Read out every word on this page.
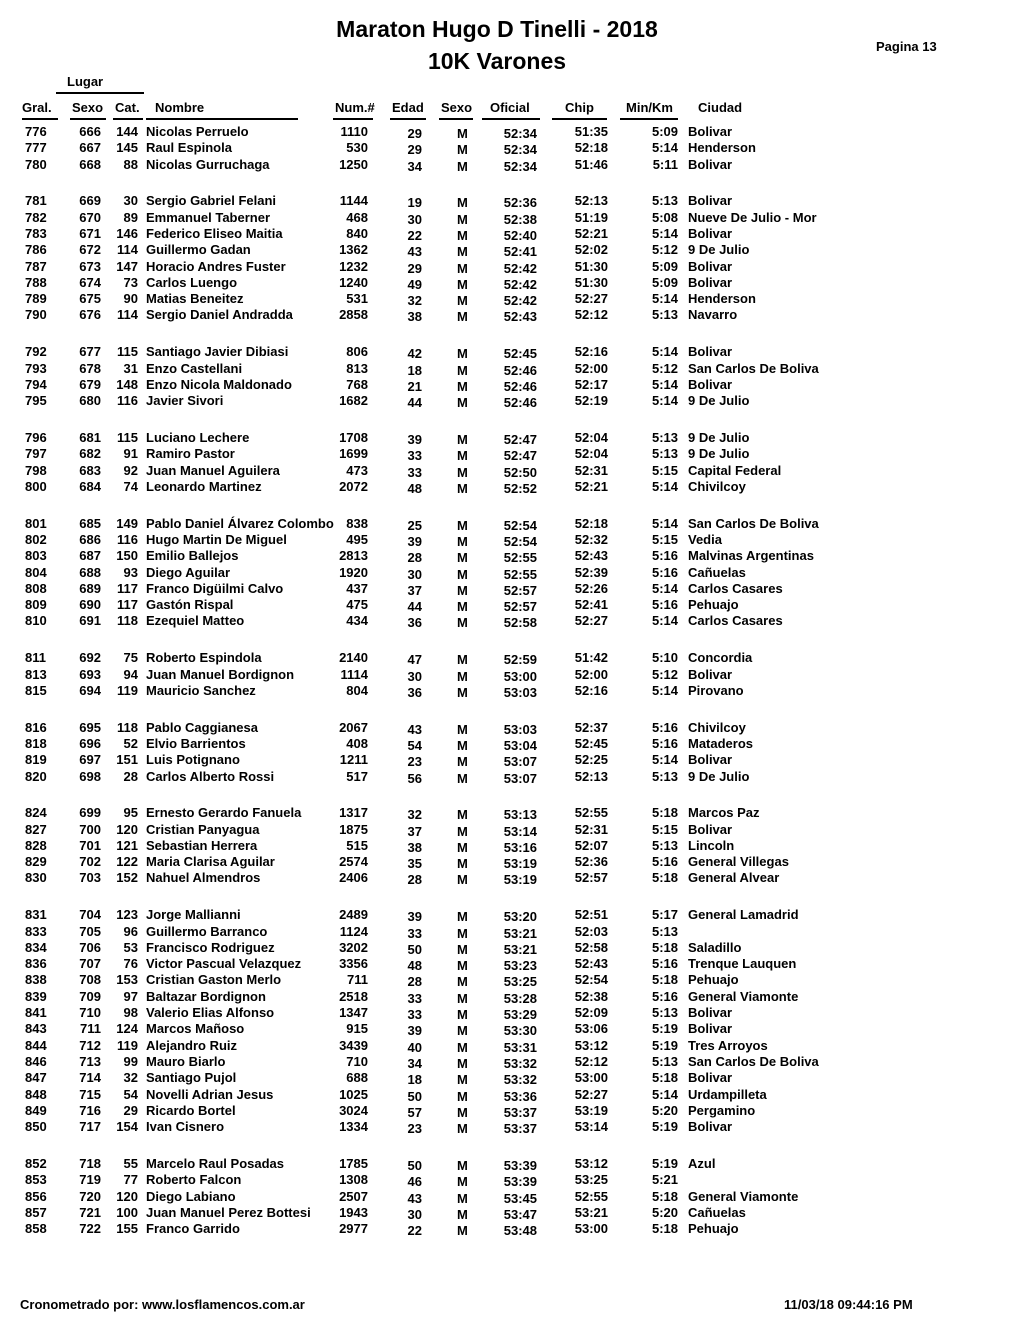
Maraton Hugo D Tinelli - 2018
10K Varones
Pagina 13
Lugar
Gral. Sexo Cat. Nombre	Num.# Edad Sexo Oficial	Chip Min/Km Ciudad
776	666	144 Nicolas Perruelo	1110	29	M	52:34	51:35	5:09 Bolivar
777	667	145 Raul Espinola	530	29	M	52:34	52:18	5:14 Henderson
780	668	88 Nicolas Gurruchaga	1250	34	M	52:34	51:46	5:11 Bolivar
781	669	30 Sergio Gabriel Felani	1144	19	M	52:36	52:13	5:13 Bolivar
782	670	89 Emmanuel Taberner	468	30	M	52:38	51:19	5:08 Nueve De Julio - Mor
783	671	146 Federico Eliseo Maitia	840	22	M	52:40	52:21	5:14 Bolivar
786	672	114 Guillermo Gadan	1362	43	M	52:41	52:02	5:12 9 De Julio
787	673	147 Horacio Andres Fuster	1232	29	M	52:42	51:30	5:09 Bolivar
788	674	73 Carlos Luengo	1240	49	M	52:42	51:30	5:09 Bolivar
789	675	90 Matias Beneitez	531	32	M	52:42	52:27	5:14 Henderson
790	676	114 Sergio Daniel Andradda	2858	38	M	52:43	52:12	5:13 Navarro
792	677	115 Santiago Javier Dibiasi	806	42	M	52:45	52:16	5:14 Bolivar
793	678	31 Enzo Castellani	813	18	M	52:46	52:00	5:12 San Carlos De Boliva
794	679	148 Enzo Nicola Maldonado	768	21	M	52:46	52:17	5:14 Bolivar
795	680	116 Javier Sivori	1682	44	M	52:46	52:19	5:14 9 De Julio
796	681	115 Luciano Lechere	1708	39	M	52:47	52:04	5:13 9 De Julio
797	682	91 Ramiro Pastor	1699	33	M	52:47	52:04	5:13 9 De Julio
798	683	92 Juan Manuel Aguilera	473	33	M	52:50	52:31	5:15 Capital Federal
800	684	74 Leonardo Martinez	2072	48	M	52:52	52:21	5:14 Chivilcoy
801	685	149 Pablo Daniel Álvarez Colombo 838	25	M	52:54	52:18	5:14 San Carlos De Boliva
802	686	116 Hugo Martin De Miguel	495	39	M	52:54	52:32	5:15 Vedia
803	687	150 Emilio Ballejos	2813	28	M	52:55	52:43	5:16 Malvinas Argentinas
804	688	93 Diego Aguilar	1920	30	M	52:55	52:39	5:16 Cañuelas
808	689	117 Franco Digüilmi Calvo	437	37	M	52:57	52:26	5:14 Carlos Casares
809	690	117 Gastón Rispal	475	44	M	52:57	52:41	5:16 Pehuajo
810	691	118 Ezequiel Matteo	434	36	M	52:58	52:27	5:14 Carlos Casares
811	692	75 Roberto Espindola	2140	47	M	52:59	51:42	5:10 Concordia
813	693	94 Juan Manuel Bordignon	1114	30	M	53:00	52:00	5:12 Bolivar
815	694	119 Mauricio Sanchez	804	36	M	53:03	52:16	5:14 Pirovano
816	695	118 Pablo Caggianesa	2067	43	M	53:03	52:37	5:16 Chivilcoy
818	696	52 Elvio Barrientos	408	54	M	53:04	52:45	5:16 Mataderos
819	697	151 Luis Potignano	1211	23	M	53:07	52:25	5:14 Bolivar
820	698	28 Carlos Alberto Rossi	517	56	M	53:07	52:13	5:13 9 De Julio
824	699	95 Ernesto Gerardo Fanuela	1317	32	M	53:13	52:55	5:18 Marcos Paz
827	700	120 Cristian Panyagua	1875	37	M	53:14	52:31	5:15 Bolivar
828	701	121 Sebastian Herrera	515	38	M	53:16	52:07	5:13 Lincoln
829	702	122 Maria Clarisa Aguilar	2574	35	M	53:19	52:36	5:16 General Villegas
830	703	152 Nahuel Almendros	2406	28	M	53:19	52:57	5:18 General Alvear
831	704	123 Jorge Mallianni	2489	39	M	53:20	52:51	5:17 General Lamadrid
833	705	96 Guillermo Barranco	1124	33	M	53:21	52:03	5:13
834	706	53 Francisco Rodriguez	3202	50	M	53:21	52:58	5:18 Saladillo
836	707	76 Victor Pascual Velazquez	3356	48	M	53:23	52:43	5:16 Trenque Lauquen
838	708	153 Cristian Gaston Merlo	711	28	M	53:25	52:54	5:18 Pehuajo
839	709	97 Baltazar Bordignon	2518	33	M	53:28	52:38	5:16 General Viamonte
841	710	98 Valerio Elias Alfonso	1347	33	M	53:29	52:09	5:13 Bolivar
843	711	124 Marcos Mañoso	915	39	M	53:30	53:06	5:19 Bolivar
844	712	119 Alejandro Ruiz	3439	40	M	53:31	53:12	5:19 Tres Arroyos
846	713	99 Mauro Biarlo	710	34	M	53:32	52:12	5:13 San Carlos De Boliva
847	714	32 Santiago Pujol	688	18	M	53:32	53:00	5:18 Bolivar
848	715	54 Novelli Adrian Jesus	1025	50	M	53:36	52:27	5:14 Urdampilleta
849	716	29 Ricardo Bortel	3024	57	M	53:37	53:19	5:20 Pergamino
850	717	154 Ivan Cisnero	1334	23	M	53:37	53:14	5:19 Bolivar
852	718	55 Marcelo Raul Posadas	1785	50	M	53:39	53:12	5:19 Azul
853	719	77 Roberto Falcon	1308	46	M	53:39	53:25	5:21
856	720	120 Diego Labiano	2507	43	M	53:45	52:55	5:18 General Viamonte
857	721	100 Juan Manuel Perez Bottesi	1943	30	M	53:47	53:21	5:20 Cañuelas
858	722	155 Franco Garrido	2977	22	M	53:48	53:00	5:18 Pehuajo
Cronometrado por: www.losflamencos.com.ar	11/03/18 09:44:16 PM
